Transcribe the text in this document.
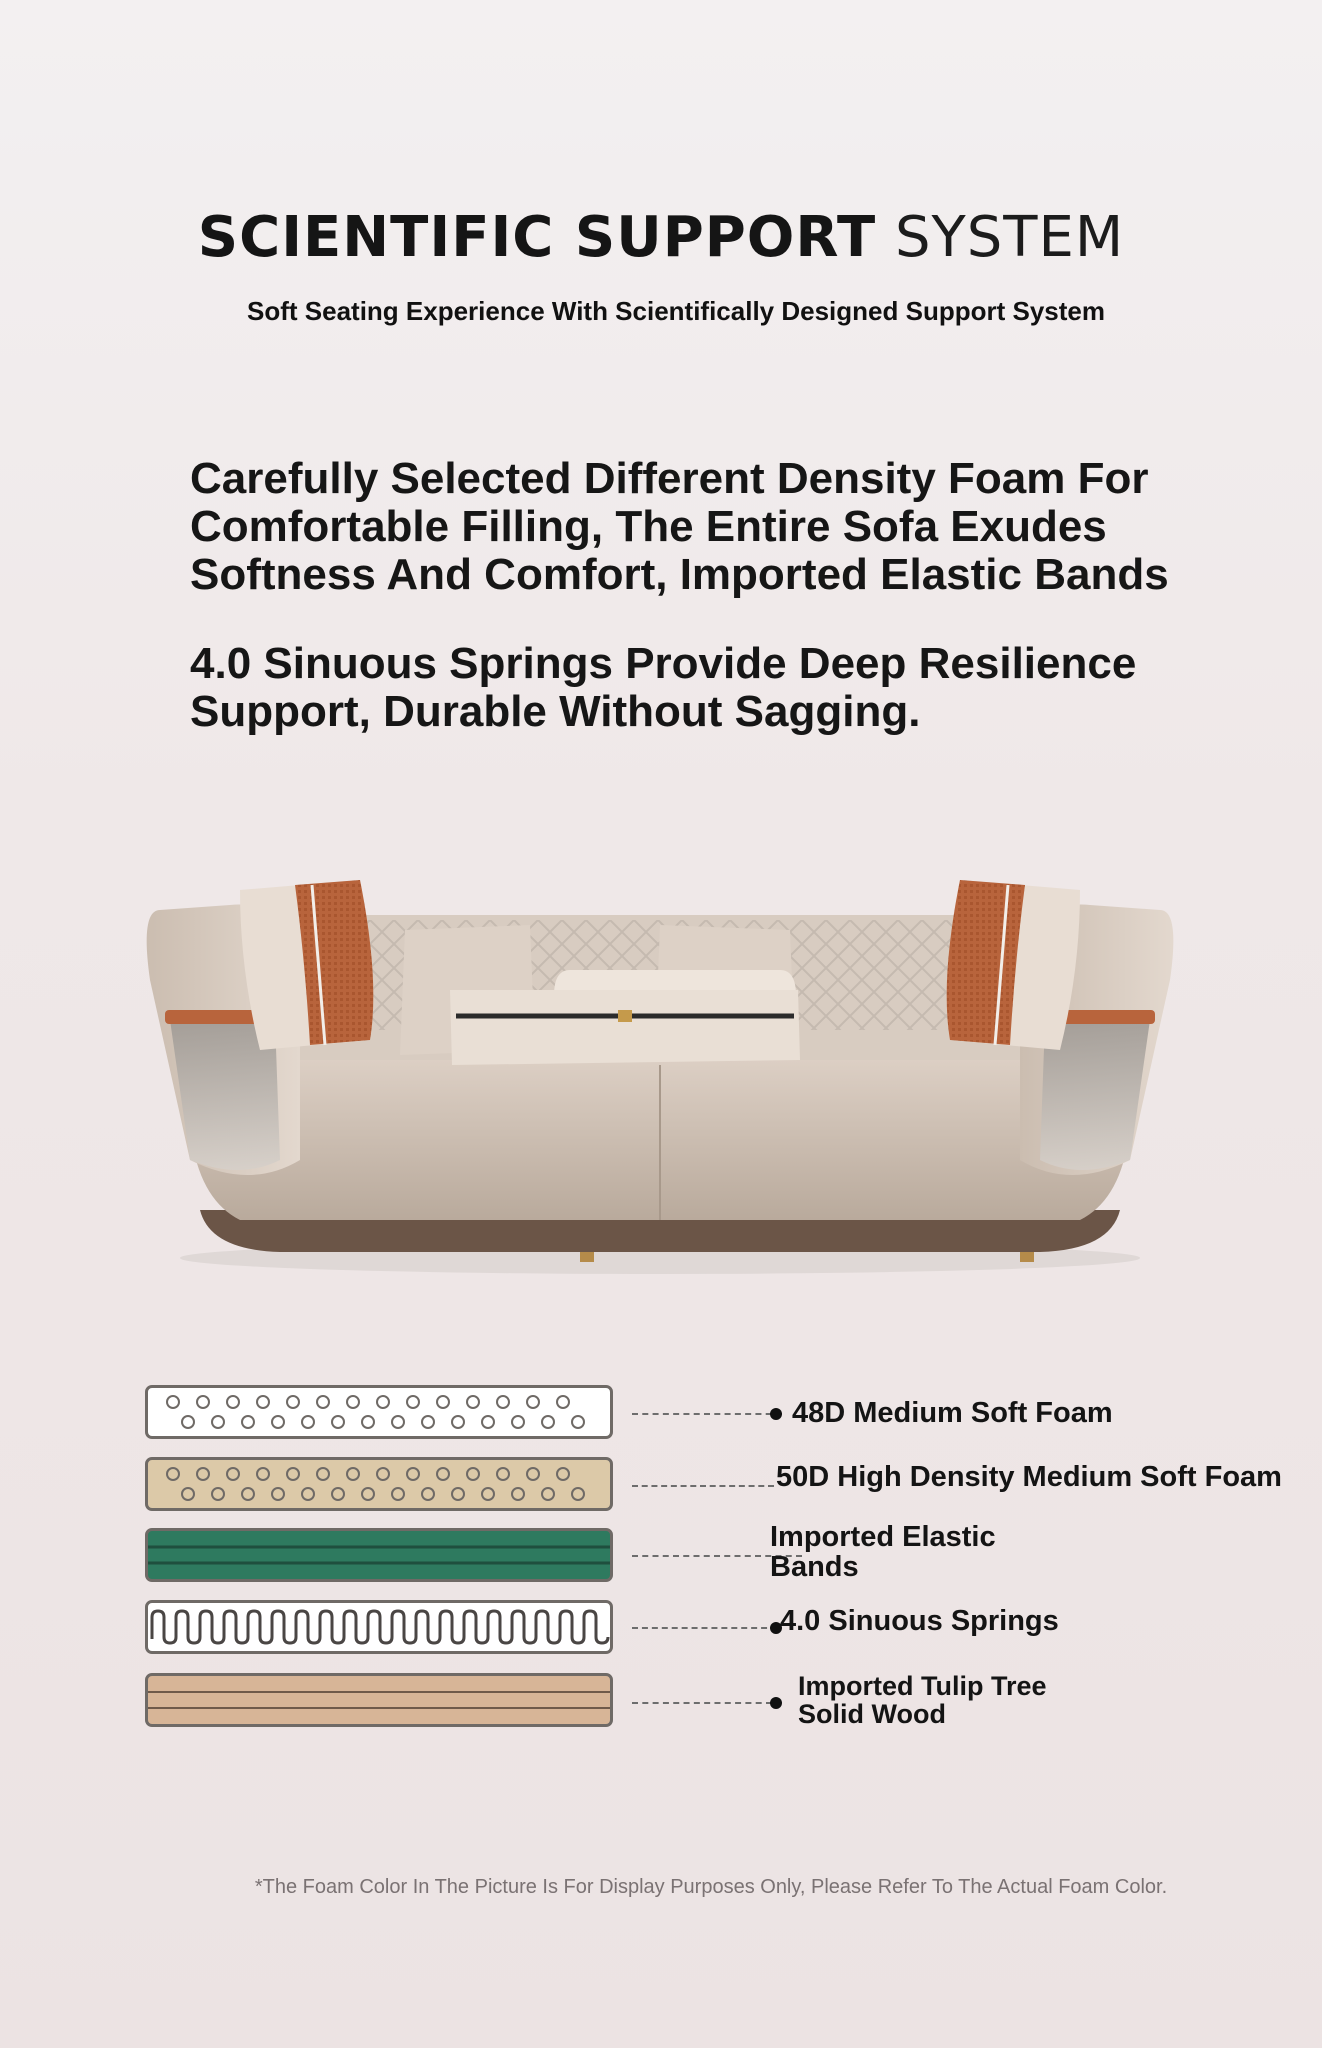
SCIENTIFIC SUPPORT SYSTEM
Soft Seating Experience With Scientifically Designed Support System
Carefully Selected Different Density Foam For Comfortable Filling, The Entire Sofa Exudes Softness And Comfort, Imported Elastic Bands
4.0 Sinuous Springs Provide Deep Resilience Support, Durable Without Sagging.
48D Medium Soft Foam
50D High Density Medium Soft Foam
Imported Elastic Bands
4.0 Sinuous Springs
Imported Tulip Tree Solid Wood
*The Foam Color In The Picture Is For Display Purposes Only, Please Refer To The Actual Foam Color.
